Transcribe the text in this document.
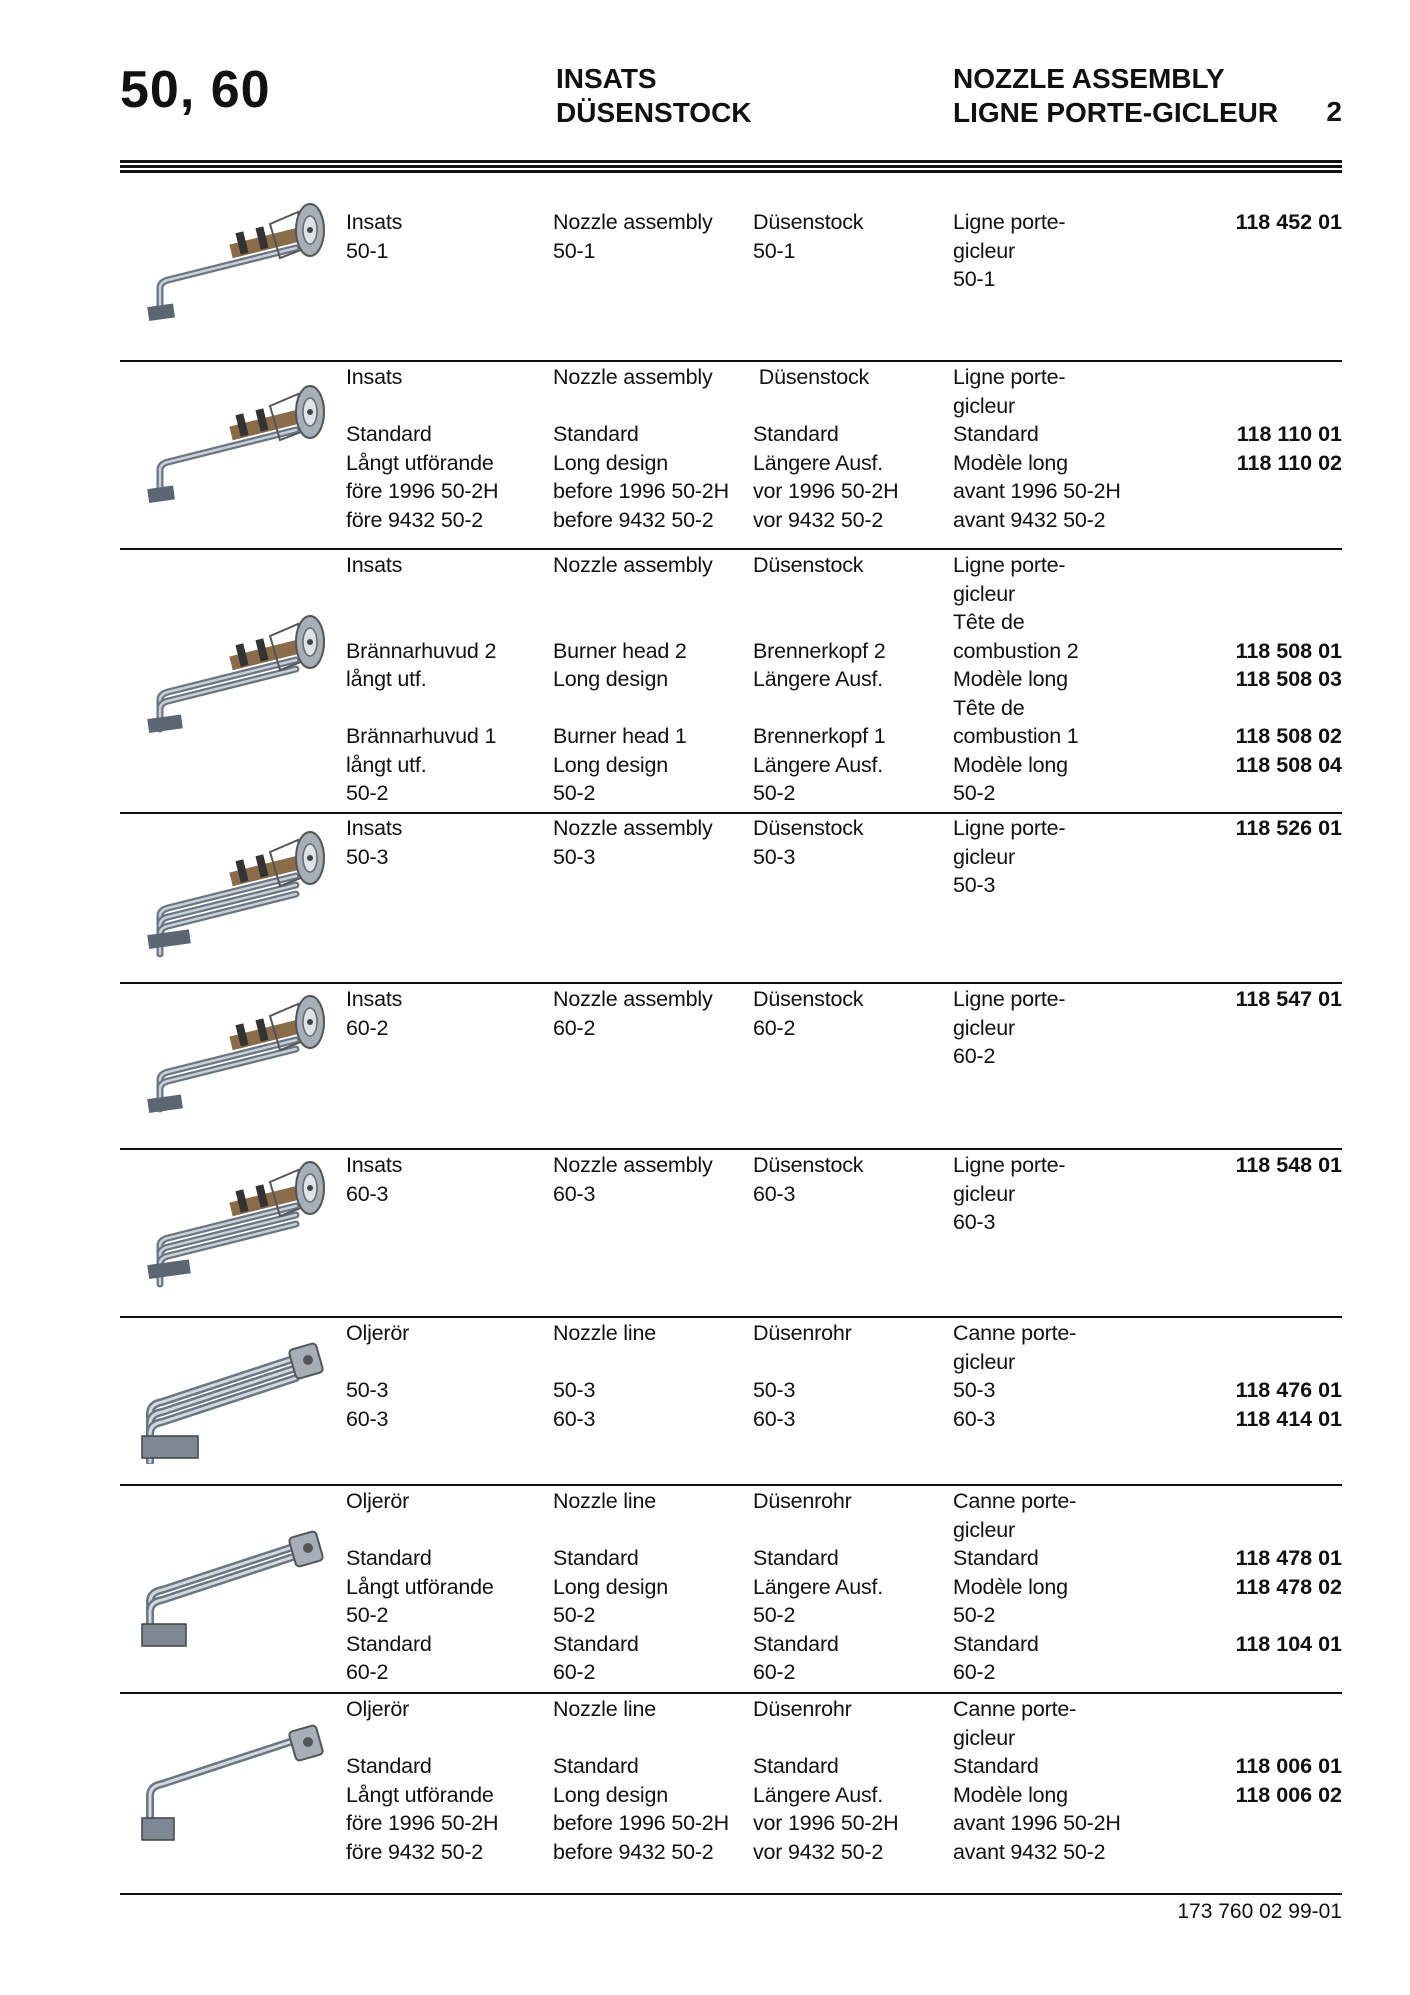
50, 60	INSATS
DÜSENSTOCK
NOZZLE ASSEMBLY
LIGNE PORTE-GICLEUR 2
Insats
50-1
Nozzle assembly
50-1
Düsenstock
50-1
Ligne porte-
gicleur
50-1
118 452 01
Insats
Standard
Långt utförande
före 1996 50-2H
före 9432 50-2
Nozzle assembly
Standard
Long design
before 1996 50-2H
before 9432 50-2
Düsenstock
Standard
Längere Ausf.
vor 1996 50-2H
vor 9432 50-2
Ligne porte-
gicleur
Standard
Modèle long
avant 1996 50-2H
avant 9432 50-2
118 110 01
118 110 02
Insats
Brännarhuvud 2
långt utf.
Brännarhuvud 1
långt utf.
50-2
Nozzle assembly
Burner head 2
Long design
Burner head 1
Long design
50-2
Düsenstock
Brennerkopf 2
Längere Ausf.
Brennerkopf 1
Längere Ausf.
50-2
Ligne porte-
gicleur
Tête de
combustion 2
Modèle long
Tête de
combustion 1
Modèle long
50-2
118 508 01
118 508 03
118 508 02
118 508 04
Insats
50-3
Nozzle assembly
50-3
Düsenstock
50-3
Ligne porte-
gicleur
50-3
118 526 01
Insats
60-2
Nozzle assembly
60-2
Düsenstock
60-2
Ligne porte-
gicleur
60-2
118 547 01
Insats
60-3
Nozzle assembly
60-3
Düsenstock
60-3
Ligne porte-
gicleur
60-3
118 548 01
Oljerör
50-3
60-3
Nozzle line
50-3
60-3
Düsenrohr
50-3
60-3
Canne porte-
gicleur
50-3
60-3
118 476 01
118 414 01
Oljerör
Standard
Långt utförande
50-2
Standard
60-2
Nozzle line
Standard
Long design
50-2
Standard
60-2
Düsenrohr
Standard
Längere Ausf.
50-2
Standard
60-2
Canne porte-
gicleur
Standard
Modèle long
50-2
Standard
60-2
118 478 01
118 478 02
118 104 01
Oljerör
Standard
Långt utförande
före 1996 50-2H
före 9432 50-2
Nozzle line
Standard
Long design
before 1996 50-2H
before 9432 50-2
Düsenrohr
Standard
Längere Ausf.
vor 1996 50-2H
vor 9432 50-2
Canne porte-
gicleur
Standard
Modèle long
avant 1996 50-2H
avant 9432 50-2
118 006 01
118 006 02
173 760 02 99-01
